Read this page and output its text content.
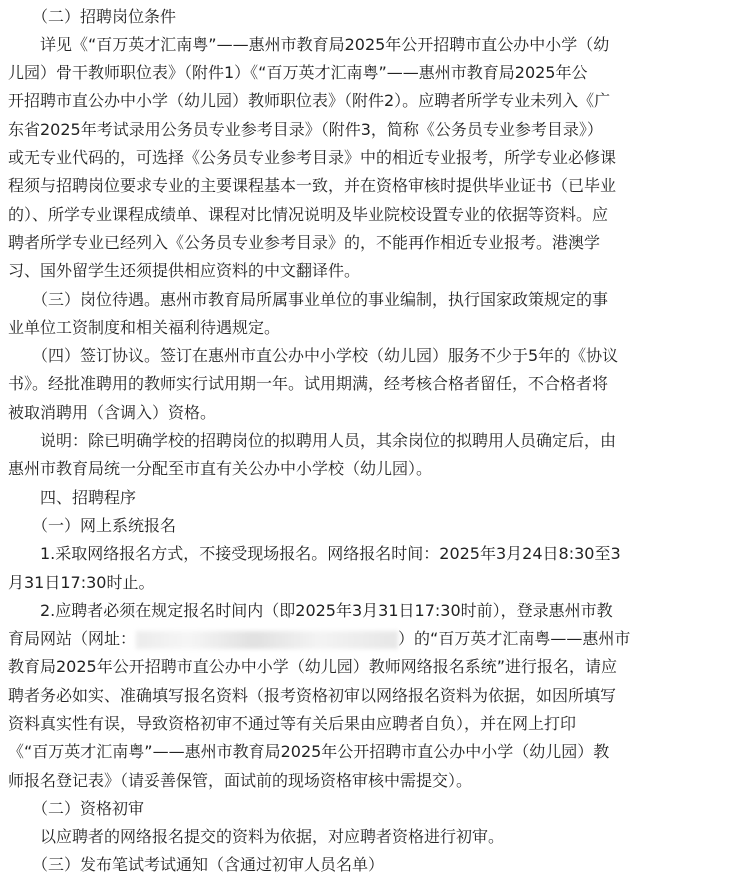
　　（二）招聘岗位条件
　　详见《“百万英才汇南粤”——惠州市教育局2025年公开招聘市直公办中小学（幼
儿园）骨干教师职位表》（附件1）《“百万英才汇南粤”——惠州市教育局2025年公
开招聘市直公办中小学（幼儿园）教师职位表》（附件2）。应聘者所学专业未列入《广
东省2025年考试录用公务员专业参考目录》（附件3，简称《公务员专业参考目录》）
或无专业代码的，可选择《公务员专业参考目录》中的相近专业报考，所学专业必修课
程须与招聘岗位要求专业的主要课程基本一致，并在资格审核时提供毕业证书（已毕业
的）、所学专业课程成绩单、课程对比情况说明及毕业院校设置专业的依据等资料。应
聘者所学专业已经列入《公务员专业参考目录》的，不能再作相近专业报考。港澳学
习、国外留学生还须提供相应资料的中文翻译件。
　　（三）岗位待遇。惠州市教育局所属事业单位的事业编制，执行国家政策规定的事
业单位工资制度和相关福利待遇规定。
　　（四）签订协议。签订在惠州市直公办中小学校（幼儿园）服务不少于5年的《协议
书》。经批准聘用的教师实行试用期一年。试用期满，经考核合格者留任，不合格者将
被取消聘用（含调入）资格。
　　说明：除已明确学校的招聘岗位的拟聘用人员，其余岗位的拟聘用人员确定后，由
惠州市教育局统一分配至市直有关公办中小学校（幼儿园）。
　　四、招聘程序
　　（一）网上系统报名
　　1.采取网络报名方式，不接受现场报名。网络报名时间：2025年3月24日8:30至3
月31日17:30时止。
　　2.应聘者必须在规定报名时间内（即2025年3月31日17:30时前），登录惠州市教
育局网站（网址：	）的“百万英才汇南粤——惠州市
教育局2025年公开招聘市直公办中小学（幼儿园）教师网络报名系统”进行报名，请应
聘者务必如实、准确填写报名资料（报考资格初审以网络报名资料为依据，如因所填写
资料真实性有误，导致资格初审不通过等有关后果由应聘者自负），并在网上打印
《“百万英才汇南粤”——惠州市教育局2025年公开招聘市直公办中小学（幼儿园）教
师报名登记表》（请妥善保管，面试前的现场资格审核中需提交）。
　　（二）资格初审
　　以应聘者的网络报名提交的资料为依据，对应聘者资格进行初审。
　　（三）发布笔试考试通知（含通过初审人员名单）
